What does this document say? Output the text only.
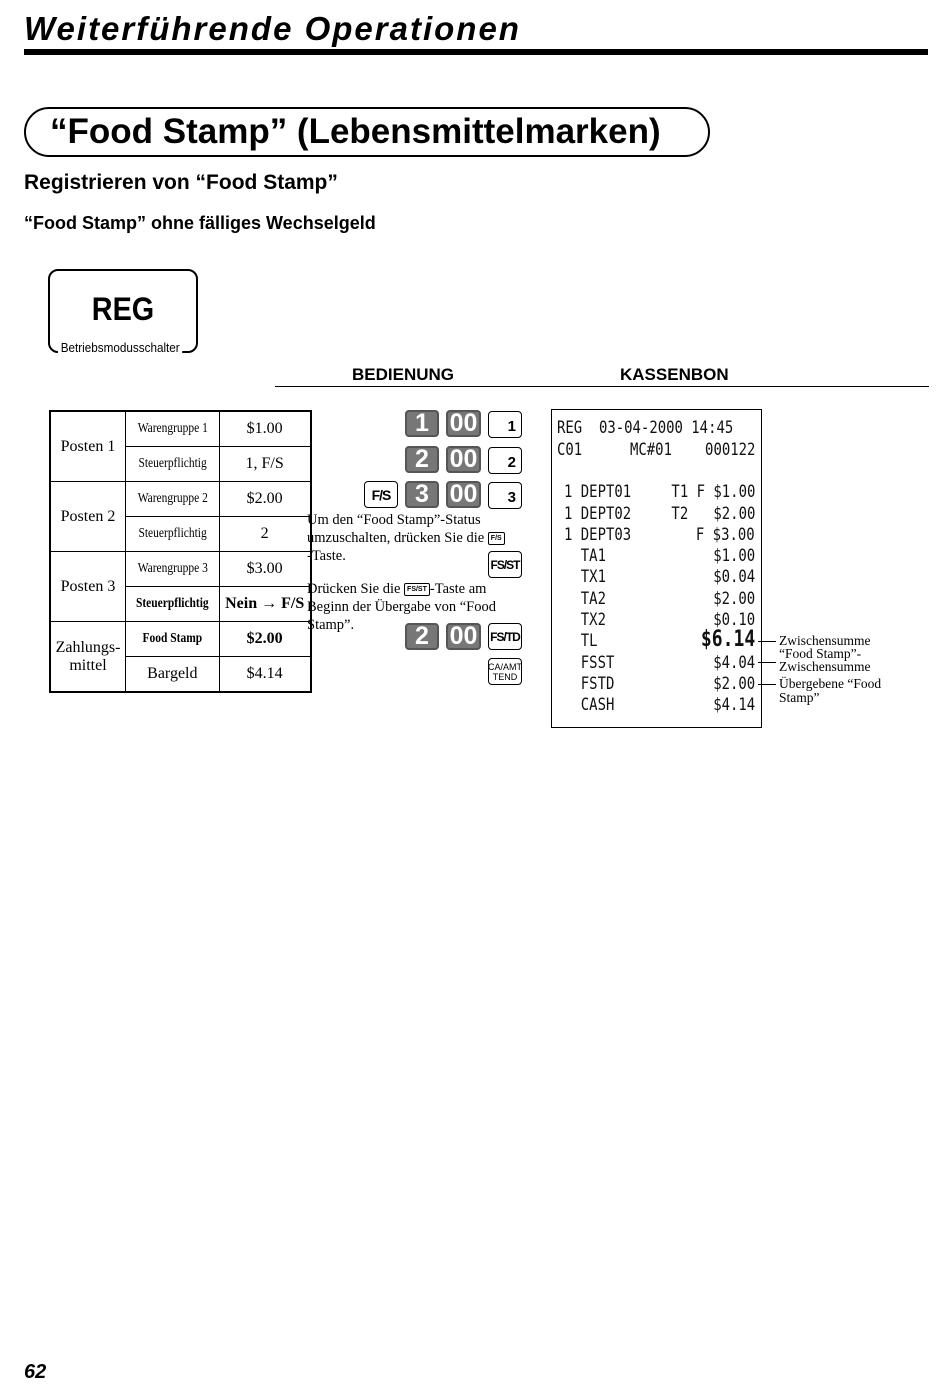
Weiterführende Operationen
“Food Stamp” (Lebensmittelmarken)
Registrieren von “Food Stamp”
“Food Stamp” ohne fälliges Wechselgeld
REG
Betriebsmodusschalter
BEDIENUNG	KASSENBON
Posten 1	Warengruppe 1	$1.00
	Steuerpflichtig	1, F/S
Posten 2	Warengruppe 2	$2.00
	Steuerpflichtig	2
Posten 3	Warengruppe 3	$3.00
	Steuerpflichtig	Nein → F/S
Zahlungs- mittel	Food Stamp	$2.00
	Bargeld	$4.14
1 00	1
2 00	2
F/S 3 00	3
FS/ST
2 00 FS/TD
CA/AMT
TEND
Um den “Food Stamp”-Status umzuschalten, drücken Sie die F/S-Taste.
Drücken Sie die FS/ST -Taste am Beginn der Übergabe von “Food Stamp”.
REG  03-04-2000 14:45
C01	MC#01 000122
1 DEPT01 T1 F $1.00
1 DEPT02 T2   $2.00
1 DEPT03	F $3.00
TA1	$1.00
TX1	$0.04
TA2	$2.00
TX2	$0.10
TL	$6.14
FSST	$4.04
FSTD	$2.00
CASH	$4.14
Zwischensumme
“Food Stamp”-
Zwischensumme
Übergebene “Food
Stamp”
62
